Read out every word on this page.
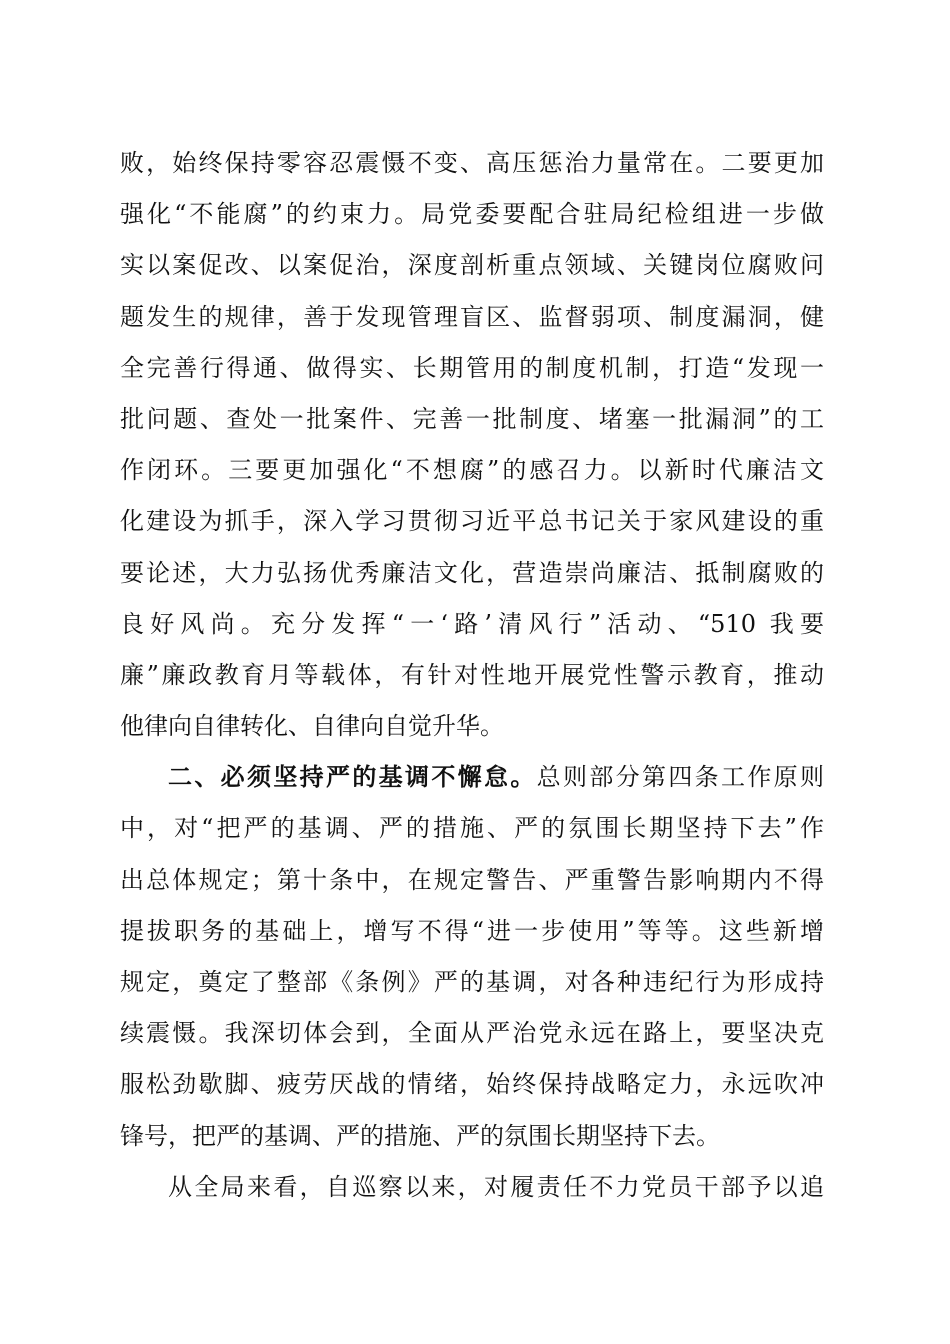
败，始终保持零容忍震慑不变、高压惩治力量常在。二要更加
强化“不能腐”的约束力。局党委要配合驻局纪检组进一步做
实以案促改、以案促治，深度剖析重点领域、关键岗位腐败问
题发生的规律，善于发现管理盲区、监督弱项、制度漏洞，健
全完善行得通、做得实、长期管用的制度机制，打造“发现一
批问题、查处一批案件、完善一批制度、堵塞一批漏洞”的工
作闭环。三要更加强化“不想腐”的感召力。以新时代廉洁文
化建设为抓手，深入学习贯彻习近平总书记关于家风建设的重
要论述，大力弘扬优秀廉洁文化，营造崇尚廉洁、抵制腐败的
良好风尚。充分发挥“一‘路’清风行”活动、“510 我要
廉”廉政教育月等载体，有针对性地开展党性警示教育，推动
他律向自律转化、自律向自觉升华。
二、必须坚持严的基调不懈怠。总则部分第四条工作原则
中，对“把严的基调、严的措施、严的氛围长期坚持下去”作
出总体规定；第十条中，在规定警告、严重警告影响期内不得
提拔职务的基础上，增写不得“进一步使用”等等。这些新增
规定，奠定了整部《条例》严的基调，对各种违纪行为形成持
续震慑。我深切体会到，全面从严治党永远在路上，要坚决克
服松劲歇脚、疲劳厌战的情绪，始终保持战略定力，永远吹冲
锋号，把严的基调、严的措施、严的氛围长期坚持下去。
从全局来看，自巡察以来，对履责任不力党员干部予以追
